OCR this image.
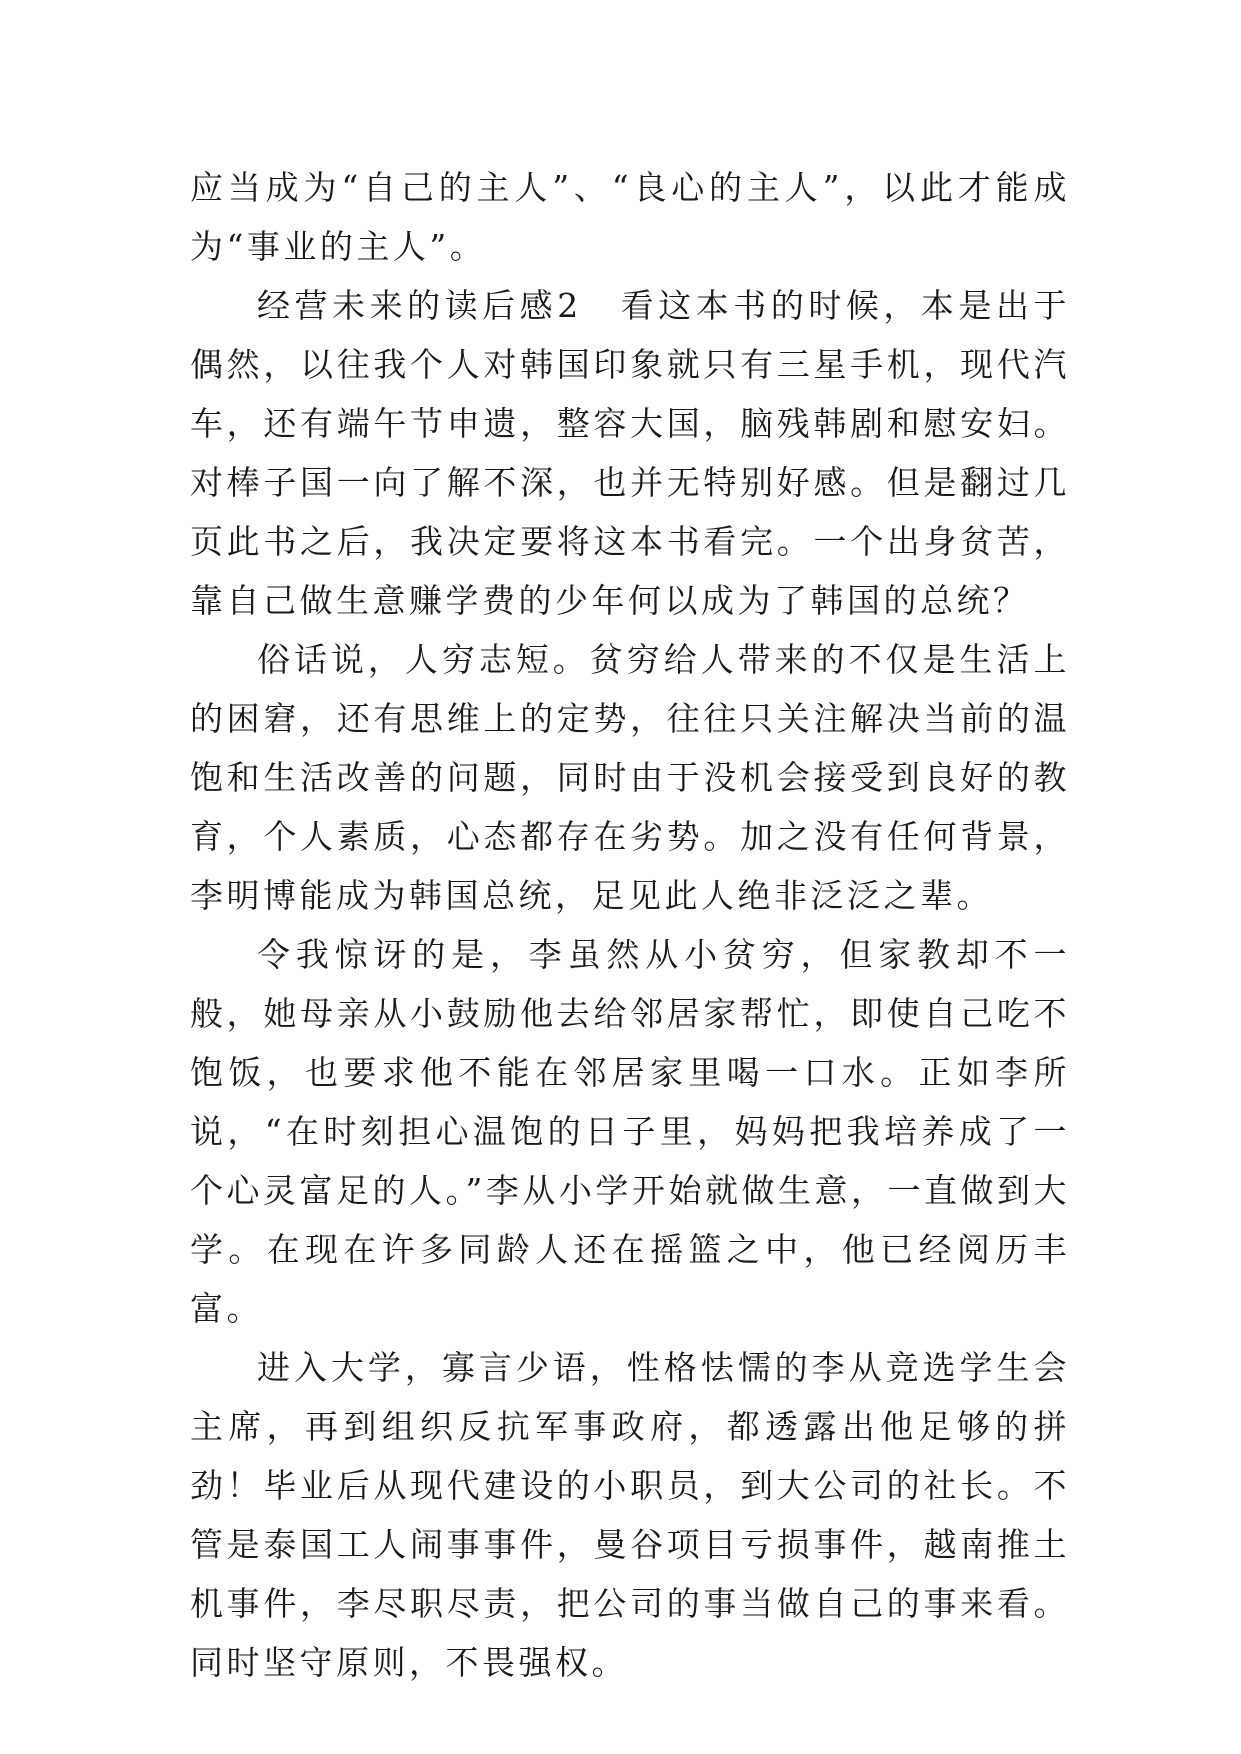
应当成为“自己的主人”、“良心的主人”，以此才能成为“事业的主人”。

经营未来的读后感2 看这本书的时候，本是出于偶然，以往我个人对韩国印象就只有三星手机，现代汽车，还有端午节申遗，整容大国，脑残韩剧和慰安妇。对棒子国一向了解不深，也并无特别好感。但是翻过几页此书之后，我决定要将这本书看完。一个出身贫苦，靠自己做生意赚学费的少年何以成为了韩国的总统？

俗话说，人穷志短。贫穷给人带来的不仅是生活上的困窘，还有思维上的定势，往往只关注解决当前的温饱和生活改善的问题，同时由于没机会接受到良好的教育，个人素质，心态都存在劣势。加之没有任何背景，李明博能成为韩国总统，足见此人绝非泛泛之辈。

令我惊讶的是，李虽然从小贫穷，但家教却不一般，她母亲从小鼓励他去给邻居家帮忙，即使自己吃不饱饭，也要求他不能在邻居家里喝一口水。正如李所说，“在时刻担心温饱的日子里，妈妈把我培养成了一个心灵富足的人。”李从小学开始就做生意，一直做到大学。在现在许多同龄人还在摇篮之中，他已经阅历丰富。

进入大学，寡言少语，性格怯懦的李从竞选学生会主席，再到组织反抗军事政府，都透露出他足够的拼劲！毕业后从现代建设的小职员，到大公司的社长。不管是泰国工人闹事事件，曼谷项目亏损事件，越南推土机事件，李尽职尽责，把公司的事当做自己的事来看。同时坚守原则，不畏强权。
